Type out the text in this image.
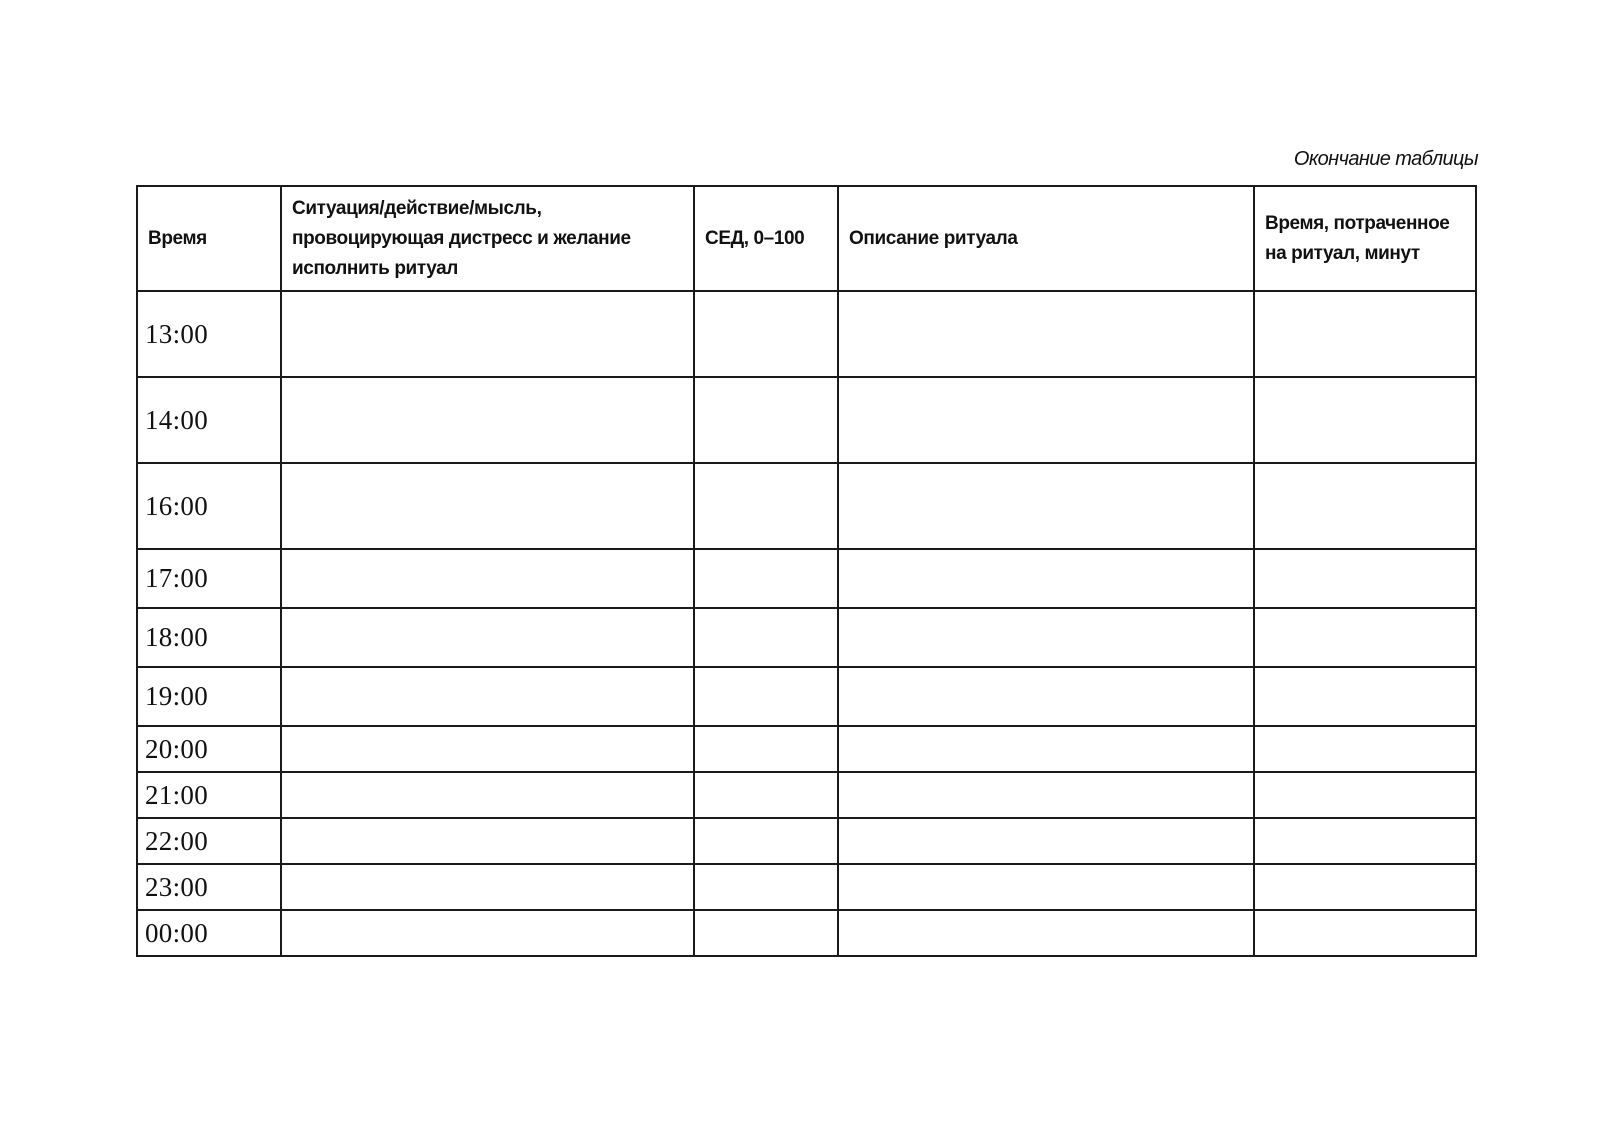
Окончание таблицы
Время	Ситуация/действие/мысль, провоцирующая дистресс и желание исполнить ритуал	СЕД, 0–100	Описание ритуала	Время, потраченное на ритуал, минут
13:00				
14:00				
16:00				
17:00				
18:00				
19:00				
20:00				
21:00				
22:00				
23:00				
00:00				
